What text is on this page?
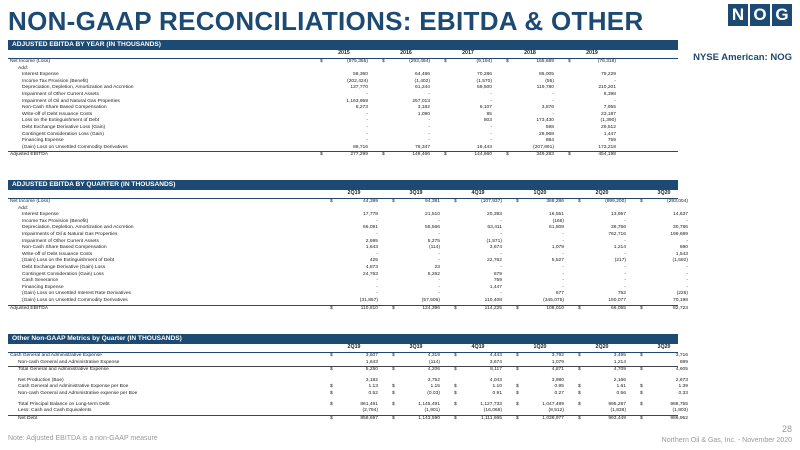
NON-GAAP RECONCILIATIONS: EBITDA & OTHER	N O G
NYSE American: NOG
ADJUSTED EBITDA BY YEAR (IN THOUSANDS)
2015	2016	2017	2018	2019
Net Income (Loss)	$	(975,355)	$	(293,494)	$	(9,194)	$	165,689	$	(76,318)
Add:
Interest Expense	58,360	64,486	70,286	86,005	79,229
Income Tax Provision (Benefit)	(202,424)	(1,402)	(1,570)	(55)	-
Depreciation, Depletion, Amortization and Accretion	137,770	61,244	59,500	119,780	210,201
Impairment of Other Current Assets	-	-	-	-	6,398
Impairment of Oil and Natural Gas Properties	1,163,959	257,013	-	-	-
Non-Cash Share Based Compensation	6,273	3,182	6,107	3,876	7,955
Write-off of Debt Issuance Costs	-	1,090	85	-	23,187
Loss on the Extinguishment of Debt	-	-	803	173,430	(1,390)
Debt Exchange Derivative Loss (Gain)	-	-	-	598	29,512
Contingent Consideration Loss (Gain)	-	-	-	28,968	1,447
Financing Expense	-	-	-	884	759
(Gain) Loss on Unsettled Commodity Derivatives	88,716	76,347	18,443	(207,891)	173,218
Adjusted EBITDA	$	277,299	$	148,466	$	144,660	$	349,283	$	454,198
ADJUSTED EBITDA BY QUARTER (IN THOUSANDS)
2Q19	3Q19	4Q19	1Q20	2Q20	3Q20
Net Income (Loss)	$	44,399	$	94,381	$	(107,937)	$	368,286	$	(899,200)	$	(293,004)
Add:
Interest Expense	17,778	21,510	20,393	16,551	13,957	14,637
Income Tax Provision (Benefit)	-	-	-	(166)	-	-
Depreciation, Depletion, Amortization and Accretion	66,091	55,566	63,411	61,809	36,756	30,786
Impairments of Oil & Natural Gas Properties	-	-	-	-	762,716	199,689
Impairment of Other Current Assets	2,695	5,275	(1,571)	-	-	-
Non-Cash Share Based Compensation	1,643	(114)	3,674	1,079	1,214	890
Write-off of Debt Issuance Costs	-	-	-	-	-	1,543
(Gain) Loss on the Extinguishment of Debt	425	-	22,762	5,527	(217)	(1,592)
Debt Exchange Derivative (Gain) Loss	4,873	23	-	-	-	-
Contingent Consideration (Gain) Loss	24,763	5,262	679	-	-	-
Cash Severance	-	-	759	-	-	-
Financing Expense	-	-	1,447	-	-	-
(Gain) Loss on Unsettled Interest Rate Derivatives	-	-	-	677	752	(226)
(Gain) Loss on Unsettled Commodity Derivatives	(31,857)	(57,506)	110,408	(345,075)	150,077	70,198
Adjusted EBITDA	$	110,810	$	124,396	$	114,225	$	108,010	$	66,055	$	82,723
Other Non-GAAP Metrics by Quarter (IN THOUSANDS)
2Q19	3Q19	4Q19	1Q20	2Q20	3Q20
Cash General and Administrative Expense	$	3,607	$	4,319	$	4,443	$	3,792	$	3,495	$	3,716
Non-cash General and Administrative Expense	1,643	(114)	3,674	1,079	1,214	889
Total General and Administrative Expense	$	5,250	$	4,206	$	8,117	$	4,871	$	4,709	$	4,605
Net Production (Boe)	3,182	3,752	4,043	3,980	2,166	2,673
Cash General and Administrative Expense per Boe	$	1.13	$	1.15	$	1.10	$	0.95	$	1.61	$	1.39
Non-cash General and Administrative expense per Boe	$	0.52	$	(0.03)	$	0.91	$	0.27	$	0.56	$	0.33
Total Principal Balance on Long-term Debt	$	861,491	$	1,145,491	$	1,127,733	$	1,047,489	$	995,287	$	988,755
Less: Cash and Cash Equivalents	(2,794)	(1,901)	(16,068)	(8,512)	(1,838)	(1,803)
Net Debt	$	858,697	$	1,143,590	$	1,111,665	$	1,038,977	$	993,449	$	986,952
Note: Adjusted EBITDA is a non-GAAP measure
28
Northern Oil & Gas, Inc. - November 2020
